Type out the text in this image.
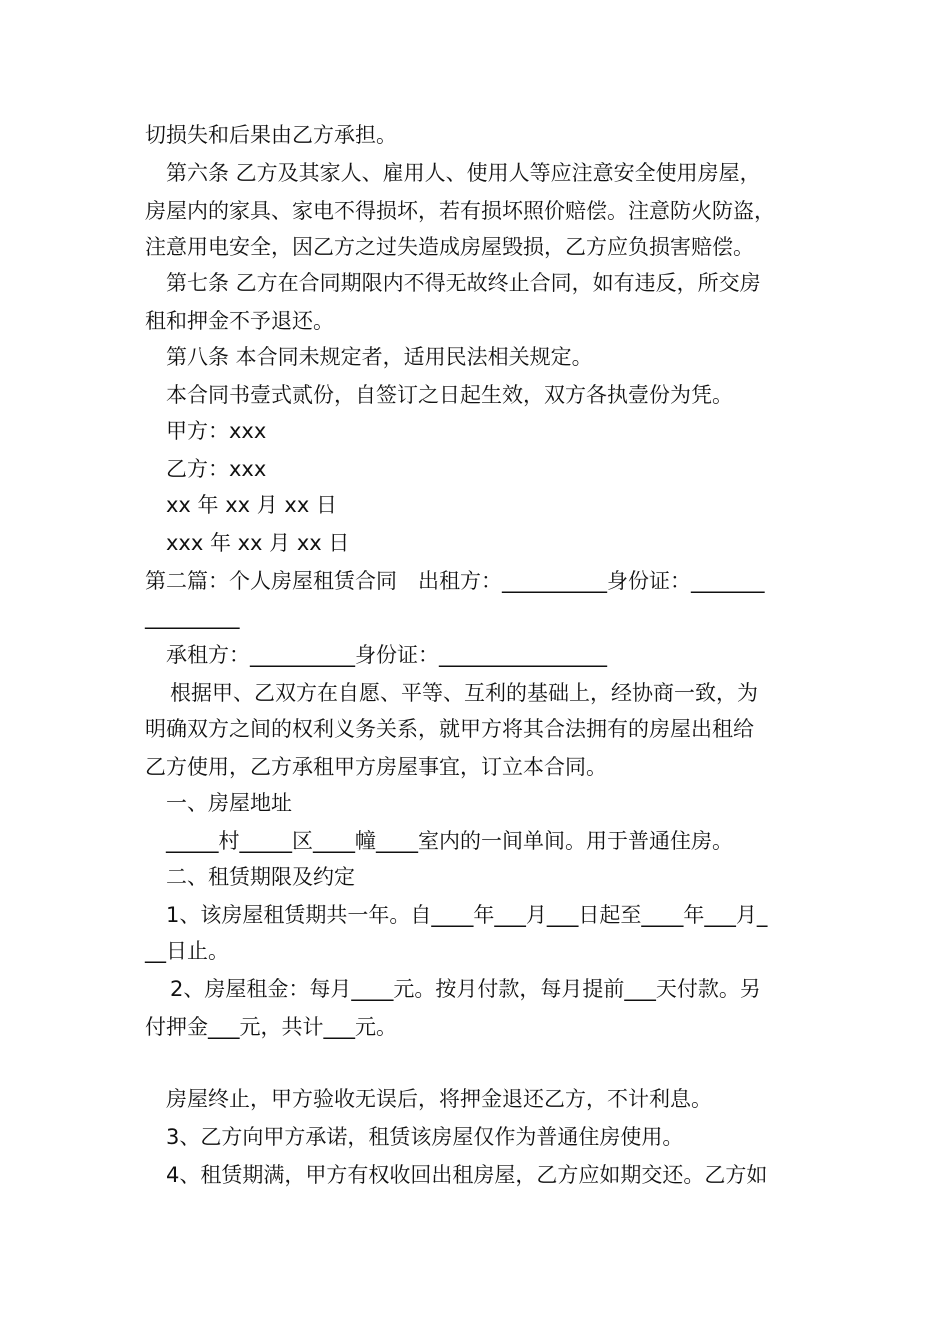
切损失和后果由乙方承担。
第六条 乙方及其家人、雇用人、使用人等应注意安全使用房屋，
房屋内的家具、家电不得损坏，若有损坏照价赔偿。注意防火防盗，
注意用电安全，因乙方之过失造成房屋毁损，乙方应负损害赔偿。
第七条 乙方在合同期限内不得无故终止合同，如有违反，所交房
租和押金不予退还。
第八条 本合同未规定者，适用民法相关规定。
本合同书壹式贰份，自签订之日起生效，双方各执壹份为凭。
甲方：xxx
乙方：xxx
xx 年 xx 月 xx 日
xxx 年 xx 月 xx 日
第二篇：个人房屋租赁合同　出租方：__________身份证：_______
_________
承租方：__________身份证：________________
根据甲、乙双方在自愿、平等、互利的基础上，经协商一致，为
明确双方之间的权利义务关系，就甲方将其合法拥有的房屋出租给
乙方使用，乙方承租甲方房屋事宜，订立本合同。
一、房屋地址
_____村_____区____幢____室内的一间单间。用于普通住房。
二、租赁期限及约定
1、该房屋租赁期共一年。自____年___月___日起至____年___月_
__日止。
2、房屋租金：每月____元。按月付款，每月提前___天付款。另
付押金___元，共计___元。
房屋终止，甲方验收无误后，将押金退还乙方，不计利息。
3、乙方向甲方承诺，租赁该房屋仅作为普通住房使用。
4、租赁期满，甲方有权收回出租房屋，乙方应如期交还。乙方如
